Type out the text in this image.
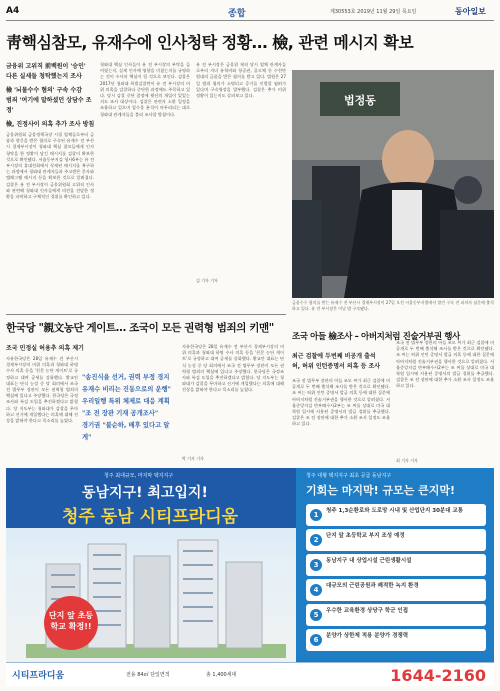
A4	종합	제30553호 2019년 11월 29일 목요일	동아일보
靑핵심참모, 유재수에 인사청탁 정황… 檢, 관련 메시지 확보
금융위 고위직 前백원이 '승인'
다른 실세들 청탁했는지 조사
檢 '뇌물수수 혐의' 구속 수감
범죄 '여기에 말하셨던 상담수 조정'
檢, 진정사이 의혹 추가 조사 방침
금융위원회 금융정책국장 시절 업체들로부터 금품과 향응을 받은 혐의로 구속된 유재수 전 부산시 경제부시장이 청와대 핵심 참모들에게 인사 청탁을 한 정황이 담긴 메시지를 검찰이 확보한 것으로 확인됐다. 서울동부지검 형사6부는 유 전 부시장의 휴대전화에서 삭제된 메시지를 복구하는 과정에서 청와대 관계자들과 주고받은 문자와 텔레그램 메시지 등을 확보한 것으로 알려졌다. 검찰은 유 전 부시장이 금융위원회 고위직 인사와 관련해 청와대 인사들에게 의견을 전달한 정황을 파악하고 구체적인 경위를 확인하고 있다.
청와대 핵심 인사들이 유 전 부시장의 부탁을 들어줬는지, 실제 인사에 영향을 미쳤는지를 규명하는 것이 수사의 핵심이 될 것으로 보인다. 검찰은 2017년 청와대 특별감찰반이 유 전 부시장의 비위 의혹을 감찰하다 중단한 과정에도 주목하고 있다. 당시 감찰 중단 결정에 윗선의 개입이 있었는지도 조사 대상이다. 검찰은 관련자 소환 일정을 조율하고 있으며 압수물 분석이 마무리되는 대로 청와대 관계자들을 불러 조사할 방침이다.
유 전 부시장은 금융위 재직 당시 업체 관계자들로부터 자녀 유학비와 항공권, 골프채 등 수천만 원대의 금품을 받은 혐의를 받고 있다. 법원은 27일 범죄 혐의가 소명되고 증거를 인멸할 염려가 있다며 구속영장을 발부했다. 검찰은 추가 비위 정황이 있는지도 살펴보고 있다.
김 기자 기자
법정동
금품수수 혐의를 받는 유재수 전 부산시 경제부시장이 27일 오전 서울동부지법에서 열린 구속 전 피의자 심문에 출석하고 있다. 유 전 부시장은 이날 밤 구속됐다.
한국당 "親文농단 게이트… 조국이 모든 권력형 범죄의 키맨"
조국 민정실 허용추 의혹 제기
자유한국당은 28일 유재수 전 부산시 경제부시장의 비위 의혹과 청와대 하명 수사 의혹 등을 '친문 농단 게이트'로 규정하고 대여 공세를 강화했다. 황교안 대표는 단식 농성 중 당 회의에서 조국 전 법무부 장관이 모든 권력형 범죄의 핵심에 있다고 주장했다. 한국당은 국정조사와 특검 도입을 추진하겠다고 밝혔다. 당 지도부는 청와대가 감찰을 무마하고 선거에 개입했다는 의혹에 대해 진상을 밝혀야 한다고 목소리를 높였다.
"송진식을 선거, 권력 부정 경지
유재수 비리는 진동으로의 운행"
우리일행 특위 체제로 대응 계획
"조 전 장관 기재 공개조사"
경기권 "불순하, 배후 있다고 알게"
자유한국당은 28일 유재수 전 부산시 경제부시장의 비위 의혹과 청와대 하명 수사 의혹 등을 '친문 농단 게이트'로 규정하고 대여 공세를 강화했다. 황교안 대표는 단식 농성 중 당 회의에서 조국 전 법무부 장관이 모든 권력형 범죄의 핵심에 있다고 주장했다. 한국당은 국정조사와 특검 도입을 추진하겠다고 밝혔다. 당 지도부는 청와대가 감찰을 무마하고 선거에 개입했다는 의혹에 대해 진상을 밝혀야 한다고 목소리를 높였다.
박 기자 기자
조국 아들 檢조사 – 아버지처럼 진술거부권 행사
최근 검찰에 두번째 비공개 출석
허, 허위 인턴증명서 의혹 등 조사
조국 전 법무부 장관의 아들 조모 씨가 최근 검찰에 비공개로 두 번째 출석해 조사를 받은 것으로 확인됐다. 조 씨는 허위 인턴 증명서 발급 의혹 등에 대한 질문에 아버지처럼 진술거부권을 행사한 것으로 알려졌다. 서울중앙지검 반부패수사2부는 조 씨를 상대로 미국 대학원 입시에 사용된 증명서의 발급 경위를 추궁했다. 검찰은 조 전 장관에 대한 추가 소환 조사 일정도 조율하고 있다.
조국 전 법무부 장관의 아들 조모 씨가 최근 검찰에 비공개로 두 번째 출석해 조사를 받은 것으로 확인됐다. 조 씨는 허위 인턴 증명서 발급 의혹 등에 대한 질문에 아버지처럼 진술거부권을 행사한 것으로 알려졌다. 서울중앙지검 반부패수사2부는 조 씨를 상대로 미국 대학원 입시에 사용된 증명서의 발급 경위를 추궁했다. 검찰은 조 전 장관에 대한 추가 소환 조사 일정도 조율하고 있다.
최 기자 기자
청주 최대규모, 마지막 택지지구
동남지구! 최고입지!
청주 동남 시티프라디움
단지 앞 초등학교 확정!!
청주 대형 택지지구 최초 공급 동남지구
기회는 마지막! 규모는 큰지막!
1	청주 1,3순환로와 도로망 시내 및 산업단지 30분대 교통
2	단지 앞 초등학교 부지 조성 예정
3	동남지구 내 상업시설 근린생활시설
4	대규모의 근린공원과 쾌적한 녹지 환경
5	우수한 교육환경 상당구 학군 인접
6	분양가 상한제 적용 분양가 경쟁력
시티프라디움	전용 84㎡ 단일면적	총 1,400세대	1644-2160
